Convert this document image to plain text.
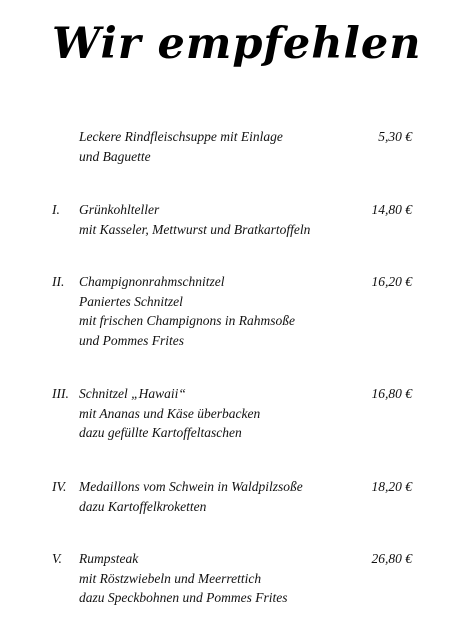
Wir empfehlen
Leckere Rindfleischsuppe mit Einlage
und Baguette
5,30 €
I. Grünkohlteller
mit Kasseler, Mettwurst und Bratkartoffeln
14,80 €
II. Champignonrahmschnitzel
Paniertes Schnitzel
mit frischen Champignons in Rahmsoße
und Pommes Frites
16,20 €
III. Schnitzel „Hawaii“
mit Ananas und Käse überbacken
dazu gefüllte Kartoffeltaschen
16,80 €
IV. Medaillons vom Schwein in Waldpilzsoße
dazu Kartoffelkroketten
18,20 €
V. Rumpsteak
mit Röstzwiebeln und Meerrettich
dazu Speckbohnen und Pommes Frites
26,80 €
